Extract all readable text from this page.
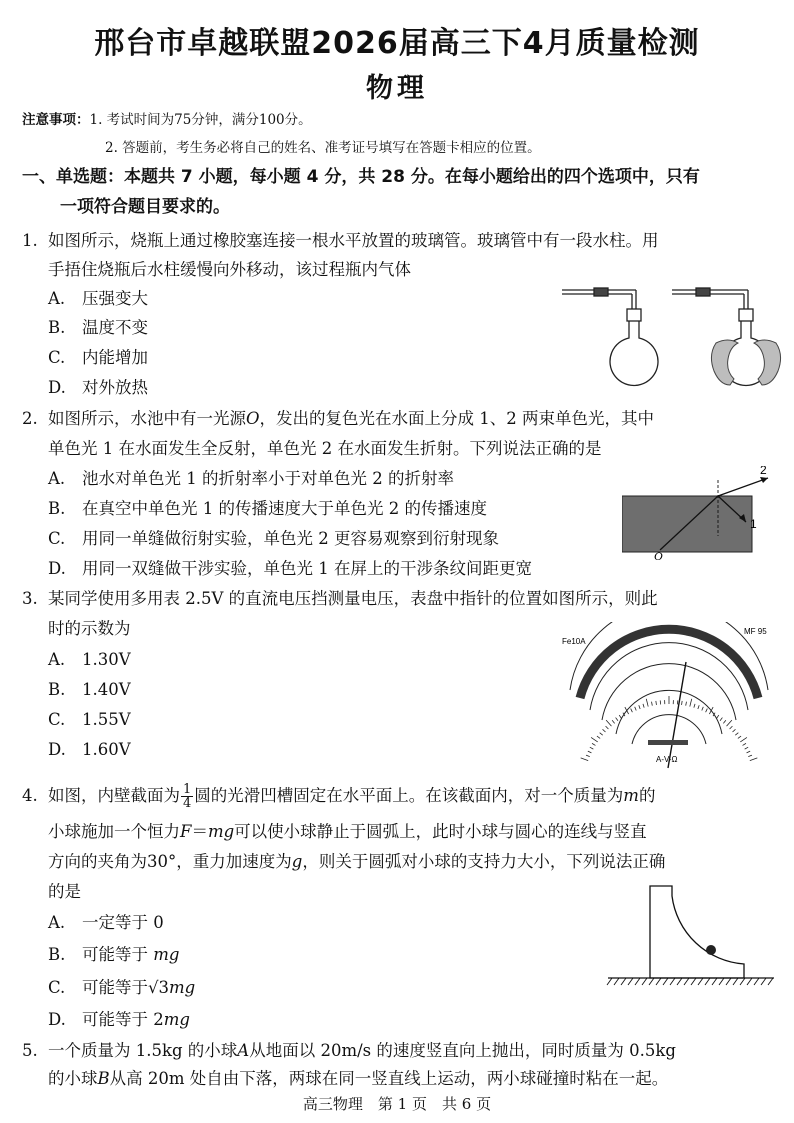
邢台市卓越联盟2026届高三下4月质量检测
物理
注意事项：1. 考试时间为75分钟，满分100分。
2. 答题前，考生务必将自己的姓名、准考证号填写在答题卡相应的位置。
一、单选题：本题共 7 小题，每小题 4 分，共 28 分。在每小题给出的四个选项中，只有
一项符合题目要求的。
1. 如图所示，烧瓶上通过橡胶塞连接一根水平放置的玻璃管。玻璃管中有一段水柱。用
手捂住烧瓶后水柱缓慢向外移动，该过程瓶内气体
A. 压强变大
B. 温度不变
C. 内能增加
D. 对外放热
2. 如图所示，水池中有一光源O，发出的复色光在水面上分成 1、2 两束单色光，其中
单色光 1 在水面发生全反射，单色光 2 在水面发生折射。下列说法正确的是
A. 池水对单色光 1 的折射率小于对单色光 2 的折射率
B. 在真空中单色光 1 的传播速度大于单色光 2 的传播速度
C. 用同一单缝做衍射实验，单色光 2 更容易观察到衍射现象
D. 用同一双缝做干涉实验，单色光 1 在屏上的干涉条纹间距更宽
2
1
O
3. 某同学使用多用表 2.5V 的直流电压挡测量电压，表盘中指针的位置如图所示，则此
时的示数为
A. 1.30V
B. 1.40V
C. 1.55V
D. 1.60V
Fe10A
MF 95
A-V-Ω
4. 如图，内壁截面为 $\frac{1}{4}$ 圆的光滑凹槽固定在水平面上。在该截面内，对一个质量为m的
小球施加一个恒力F＝mg可以使小球静止于圆弧上，此时小球与圆心的连线与竖直
方向的夹角为30°，重力加速度为g，则关于圆弧对小球的支持力大小，下列说法正确
的是
A. 一定等于 0
B. 可能等于 mg
C. 可能等于√3mg
D. 可能等于 2mg
5. 一个质量为 1.5kg 的小球A从地面以 20m/s 的速度竖直向上抛出，同时质量为 0.5kg
的小球B从高 20m 处自由下落，两球在同一竖直线上运动，两小球碰撞时粘在一起。
高三物理　第 1 页　共 6 页
